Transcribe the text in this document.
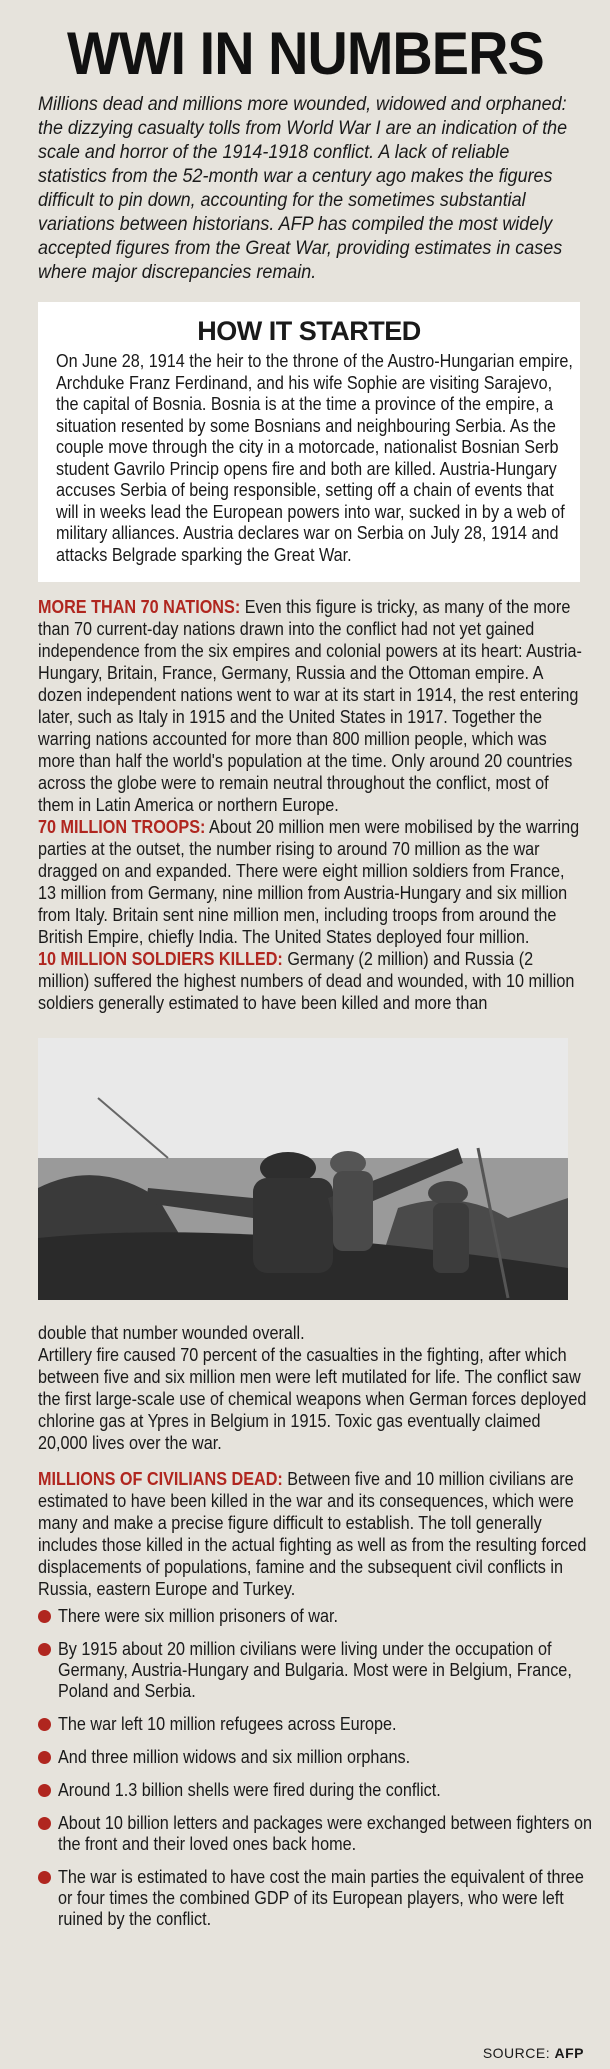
WWI IN NUMBERS
Millions dead and millions more wounded, widowed and orphaned: the dizzying casualty tolls from World War I are an indication of the scale and horror of the 1914-1918 conflict. A lack of reliable statistics from the 52-month war a century ago makes the figures difficult to pin down, accounting for the sometimes substantial variations between historians. AFP has compiled the most widely accepted figures from the Great War, providing estimates in cases where major discrepancies remain.
HOW IT STARTED
On June 28, 1914 the heir to the throne of the Austro-Hungarian empire, Archduke Franz Ferdinand, and his wife Sophie are visiting Sarajevo, the capital of Bosnia. Bosnia is at the time a province of the empire, a situation resented by some Bosnians and neighbouring Serbia. As the couple move through the city in a motorcade, nationalist Bosnian Serb student Gavrilo Princip opens fire and both are killed. Austria-Hungary accuses Serbia of being responsible, setting off a chain of events that will in weeks lead the European powers into war, sucked in by a web of military alliances. Austria declares war on Serbia on July 28, 1914 and attacks Belgrade sparking the Great War.
MORE THAN 70 NATIONS: Even this figure is tricky, as many of the more than 70 current-day nations drawn into the conflict had not yet gained independence from the six empires and colonial powers at its heart: Austria-Hungary, Britain, France, Germany, Russia and the Ottoman empire. A dozen independent nations went to war at its start in 1914, the rest entering later, such as Italy in 1915 and the United States in 1917. Together the warring nations accounted for more than 800 million people, which was more than half the world's population at the time. Only around 20 countries across the globe were to remain neutral throughout the conflict, most of them in Latin America or northern Europe.
70 MILLION TROOPS: About 20 million men were mobilised by the warring parties at the outset, the number rising to around 70 million as the war dragged on and expanded. There were eight million soldiers from France, 13 million from Germany, nine million from Austria-Hungary and six million from Italy. Britain sent nine million men, including troops from around the British Empire, chiefly India. The United States deployed four million.
10 MILLION SOLDIERS KILLED: Germany (2 million) and Russia (2 million) suffered the highest numbers of dead and wounded, with 10 million soldiers generally estimated to have been killed and more than
double that number wounded overall.
Artillery fire caused 70 percent of the casualties in the fighting, after which between five and six million men were left mutilated for life. The conflict saw the first large-scale use of chemical weapons when German forces deployed chlorine gas at Ypres in Belgium in 1915. Toxic gas eventually claimed 20,000 lives over the war.
MILLIONS OF CIVILIANS DEAD: Between five and 10 million civilians are estimated to have been killed in the war and its consequences, which were many and make a precise figure difficult to establish. The toll generally includes those killed in the actual fighting as well as from the resulting forced displacements of populations, famine and the subsequent civil conflicts in Russia, eastern Europe and Turkey.
There were six million prisoners of war.
By 1915 about 20 million civilians were living under the occupation of Germany, Austria-Hungary and Bulgaria. Most were in Belgium, France, Poland and Serbia.
The war left 10 million refugees across Europe.
And three million widows and six million orphans.
Around 1.3 billion shells were fired during the conflict.
About 10 billion letters and packages were exchanged between fighters on the front and their loved ones back home.
The war is estimated to have cost the main parties the equivalent of three or four times the combined GDP of its European players, who were left ruined by the conflict.
SOURCE: AFP
